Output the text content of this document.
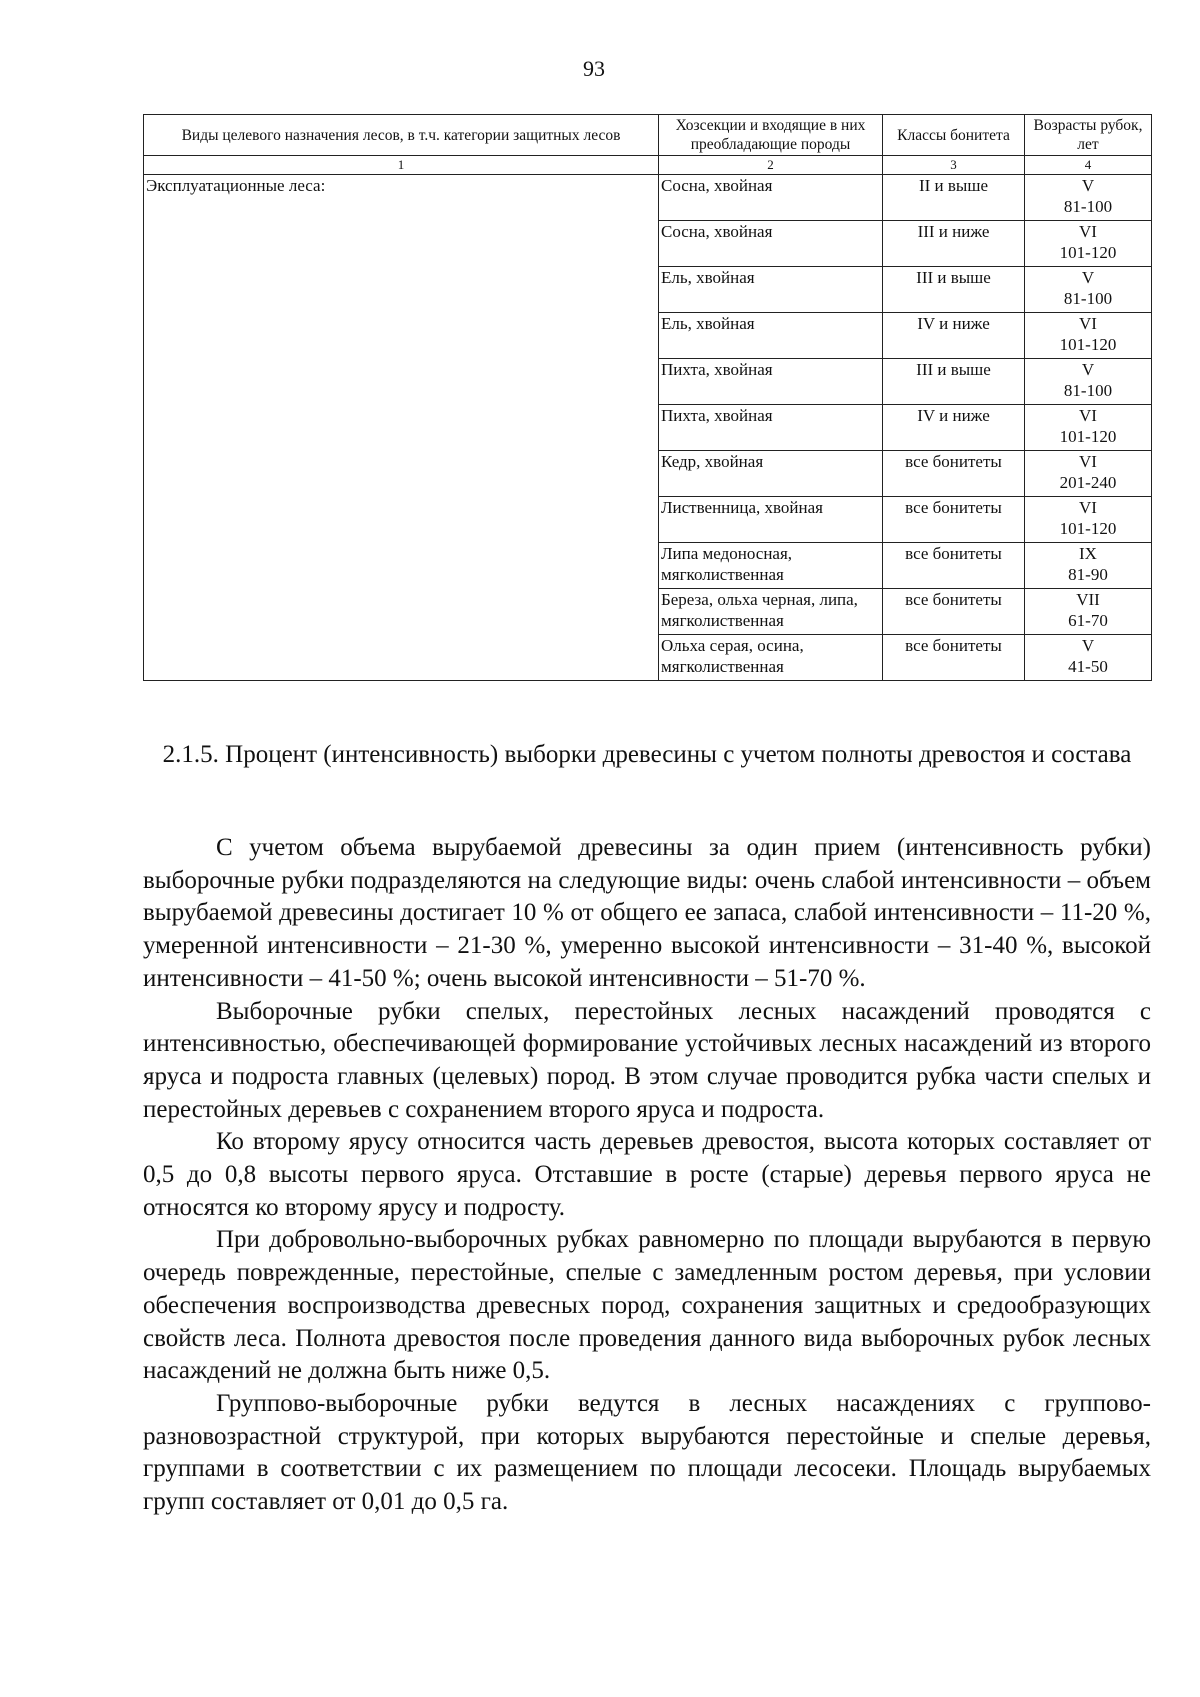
93
Виды целевого назначения лесов, в т.ч. категории защитных лесов	Хозсекции и входящие в них преобладающие породы	Классы бонитета	Возрасты рубок, лет
1	2	3	4
Эксплуатационные леса:	Сосна, хвойная	II и выше	V
81-100

	Сосна, хвойная	III и ниже	VI
101-120

	Ель, хвойная	III и выше	V
81-100

	Ель, хвойная	IV и ниже	VI
101-120

	Пихта, хвойная	III и выше	V
81-100

	Пихта, хвойная	IV и ниже	VI
101-120

	Кедр, хвойная	все бонитеты	VI
201-240

	Лиственница, хвойная	все бонитеты	VI
101-120

	Липа медоносная, мягколиственная	все бонитеты	IX
81-90

	Береза, ольха черная, липа, мягколиственная	все бонитеты	VII
61-70

	Ольха серая, осина, мягколиственная	все бонитеты	V
41-50
2.1.5. Процент (интенсивность) выборки древесины с учетом полноты древостоя и состава

С учетом объема вырубаемой древесины за один прием (интенсивность рубки) выборочные рубки подразделяются на следующие виды: очень слабой интенсивности – объем вырубаемой древесины достигает 10 % от общего ее запаса, слабой интенсивности – 11-20 %, умеренной интенсивности – 21-30 %, умеренно высокой интенсивности – 31-40 %, высокой интенсивности – 41-50 %; очень высокой интенсивности – 51-70 %.

Выборочные рубки спелых, перестойных лесных насаждений проводятся с интенсивностью, обеспечивающей формирование устойчивых лесных насаждений из второго яруса и подроста главных (целевых) пород. В этом случае проводится рубка части спелых и перестойных деревьев с сохранением второго яруса и подроста.

Ко второму ярусу относится часть деревьев древостоя, высота которых составляет от 0,5 до 0,8 высоты первого яруса. Отставшие в росте (старые) деревья первого яруса не относятся ко второму ярусу и подросту.

При добровольно-выборочных рубках равномерно по площади вырубаются в первую очередь поврежденные, перестойные, спелые с замедленным ростом деревья, при условии обеспечения воспроизводства древесных пород, сохранения защитных и средообразующих свойств леса. Полнота древостоя после проведения данного вида выборочных рубок лесных насаждений не должна быть ниже 0,5.

Группово-выборочные рубки ведутся в лесных насаждениях с группово-разновозрастной структурой, при которых вырубаются перестойные и спелые деревья, группами в соответствии с их размещением по площади лесосеки. Площадь вырубаемых групп составляет от 0,01 до 0,5 га.
